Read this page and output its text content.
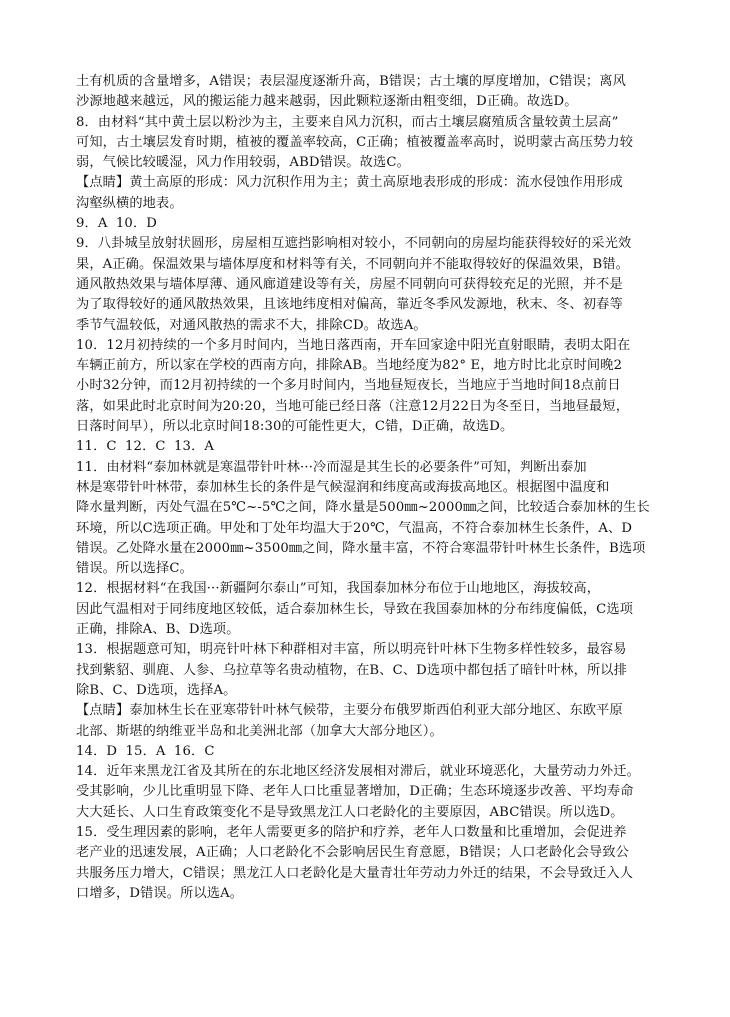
土有机质的含量增多，A错误；表层湿度逐渐升高，B错误；古土壤的厚度增加，C错误；离风
沙源地越来越远，风的搬运能力越来越弱，因此颗粒逐渐由粗变细，D正确。故选D。
8．由材料“其中黄土层以粉沙为主，主要来自风力沉积，而古土壤层腐殖质含量较黄土层高”
可知，古土壤层发育时期，植被的覆盖率较高，C正确；植被覆盖率高时，说明蒙古高压势力较
弱，气候比较暖湿，风力作用较弱，ABD错误。故选C。
【点睛】黄土高原的形成：风力沉积作用为主；黄土高原地表形成的形成：流水侵蚀作用形成
沟壑纵横的地表。
9．A 10．D
9．八卦城呈放射状圆形，房屋相互遮挡影响相对较小，不同朝向的房屋均能获得较好的采光效
果，A正确。保温效果与墙体厚度和材料等有关，不同朝向并不能取得较好的保温效果，B错。
通风散热效果与墙体厚薄、通风廊道建设等有关，房屋不同朝向可获得较充足的光照，并不是
为了取得较好的通风散热效果，且该地纬度相对偏高，靠近冬季风发源地，秋末、冬、初春等
季节气温较低，对通风散热的需求不大，排除CD。故选A。
10．12月初持续的一个多月时间内，当地日落西南，开车回家途中阳光直射眼睛，表明太阳在
车辆正前方，所以家在学校的西南方向，排除AB。当地经度为82° E，地方时比北京时间晚2
小时32分钟，而12月初持续的一个多月时间内，当地昼短夜长，当地应于当地时间18点前日
落，如果此时北京时间为20:20，当地可能已经日落（注意12月22日为冬至日，当地昼最短，
日落时间早），所以北京时间18:30的可能性更大，C错，D正确，故选D。
11．C 12．C 13．A
11．由材料“泰加林就是寒温带针叶林···冷而湿是其生长的必要条件”可知，判断出泰加
林是寒带针叶林带，泰加林生长的条件是气候湿润和纬度高或海拔高地区。根据图中温度和
降水量判断，丙处气温在5℃~-5℃之间，降水量是500㎜~2000㎜之间，比较适合泰加林的生长
环境，所以C选项正确。甲处和丁处年均温大于20℃，气温高，不符合泰加林生长条件，A、D
错误。乙处降水量在2000㎜~3500㎜之间，降水量丰富，不符合寒温带针叶林生长条件，B选项
错误。所以选择C。
12．根据材料“在我国···新疆阿尔泰山”可知，我国泰加林分布位于山地地区，海拔较高，
因此气温相对于同纬度地区较低，适合泰加林生长，导致在我国泰加林的分布纬度偏低，C选项
正确，排除A、B、D选项。
13．根据题意可知，明亮针叶林下种群相对丰富，所以明亮针叶林下生物多样性较多，最容易
找到紫貂、驯鹿、人参、乌拉草等名贵动植物，在B、C、D选项中都包括了暗针叶林，所以排
除B、C、D选项，选择A。
【点睛】泰加林生长在亚寒带针叶林气候带，主要分布俄罗斯西伯利亚大部分地区、东欧平原
北部、斯堪的纳维亚半岛和北美洲北部（加拿大大部分地区）。
14．D 15．A 16．C
14．近年来黑龙江省及其所在的东北地区经济发展相对滞后，就业环境恶化，大量劳动力外迁。
受其影响，少儿比重明显下降、老年人口比重显著增加，D正确；生态环境逐步改善、平均寿命
大大延长、人口生育政策变化不是导致黑龙江人口老龄化的主要原因，ABC错误。所以选D。
15．受生理因素的影响，老年人需要更多的陪护和疗养，老年人口数量和比重增加，会促进养
老产业的迅速发展，A正确；人口老龄化不会影响居民生育意愿，B错误；人口老龄化会导致公
共服务压力增大，C错误；黑龙江人口老龄化是大量青壮年劳动力外迁的结果，不会导致迁入人
口增多，D错误。所以选A。
